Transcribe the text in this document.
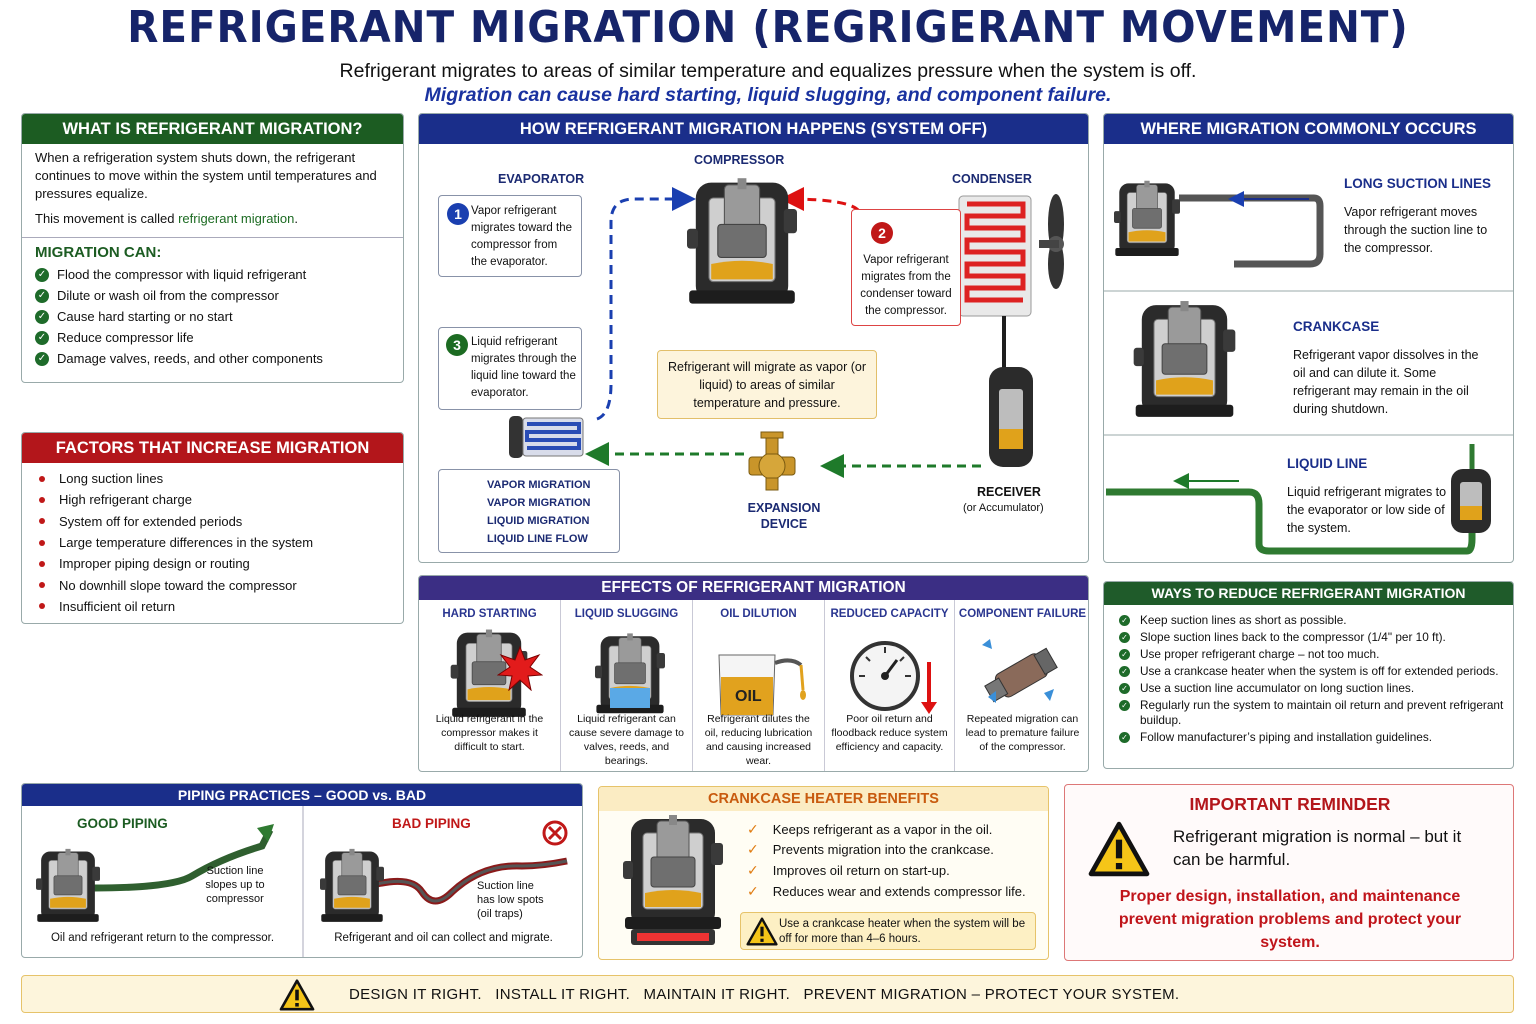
REFRIGERANT MIGRATION (REGRIGERANT MOVEMENT)
Refrigerant migrates to areas of similar temperature and equalizes pressure when the system is off.
Migration can cause hard starting, liquid slugging, and component failure.
WHAT IS REFRIGERANT MIGRATION?
When a refrigeration system shuts down, the refrigerant continues to move within the system until temperatures and pressures equalize.
This movement is called refrigerant migration.
MIGRATION CAN:
✓ Flood the compressor with liquid refrigerant
✓ Dilute or wash oil from the compressor
✓ Cause hard starting or no start
✓ Reduce compressor life
✓ Damage valves, reeds, and other components
FACTORS THAT INCREASE MIGRATION
Long suction lines
High refrigerant charge
System off for extended periods
Large temperature differences in the system
Improper piping design or routing
No downhill slope toward the compressor
Insufficient oil return
HOW REFRIGERANT MIGRATION HAPPENS (SYSTEM OFF)
EVAPORATOR
COMPRESSOR
CONDENSER
RECEIVER
(or Accumulator)
EXPANSION DEVICE
Vapor refrigerant migrates toward the compressor from the evaporator.
1
Vapor refrigerant migrates from the condenser toward the compressor.
2
Liquid refrigerant migrates through the liquid line toward the evaporator.
3
Refrigerant will migrate as vapor (or liquid) to areas of similar temperature and pressure.
VAPOR MIGRATION
VAPOR MIGRATION
LIQUID MIGRATION
LIQUID LINE FLOW
WHERE MIGRATION COMMONLY OCCURS
LONG SUCTION LINES
Vapor refrigerant moves through the suction line to the compressor.
CRANKCASE
Refrigerant vapor dissolves in the oil and can dilute it. Some refrigerant may remain in the oil during shutdown.
LIQUID LINE
Liquid refrigerant migrates to the evaporator or low side of the system.
EFFECTS OF REFRIGERANT MIGRATION
OIL
HARD STARTING
Liquid refrigerant in the compressor makes it difficult to start.
LIQUID SLUGGING
Liquid refrigerant can cause severe damage to valves, reeds, and bearings.
OIL DILUTION
Refrigerant dilutes the oil, reducing lubrication and causing increased wear.
REDUCED CAPACITY
Poor oil return and floodback reduce system efficiency and capacity.
COMPONENT FAILURE
Repeated migration can lead to premature failure of the compressor.
WAYS TO REDUCE REFRIGERANT MIGRATION
✓ Keep suction lines as short as possible.
✓ Slope suction lines back to the compressor (1/4" per 10 ft).
✓ Use proper refrigerant charge – not too much.
✓ Use a crankcase heater when the system is off for extended periods.
✓ Use a suction line accumulator on long suction lines.
✓ Regularly run the system to maintain oil return and prevent refrigerant buildup.
✓ Follow manufacturer’s piping and installation guidelines.
PIPING PRACTICES – GOOD vs. BAD
GOOD PIPING	BAD PIPING
Suction line slopes up to compressor
Suction line has low spots (oil traps)
Oil and refrigerant return to the compressor.	Refrigerant and oil can collect and migrate.
CRANKCASE HEATER BENEFITS
✓ Keeps refrigerant as a vapor in the oil.
✓ Prevents migration into the crankcase.
✓ Improves oil return on start-up.
✓ Reduces wear and extends compressor life.
Use a crankcase heater when the system will be off for more than 4–6 hours.
IMPORTANT REMINDER
Refrigerant migration is normal – but it can be harmful.
Proper design, installation, and maintenance prevent migration problems and protect your system.
DESIGN IT RIGHT.   INSTALL IT RIGHT.   MAINTAIN IT RIGHT.   PREVENT MIGRATION – PROTECT YOUR SYSTEM.
